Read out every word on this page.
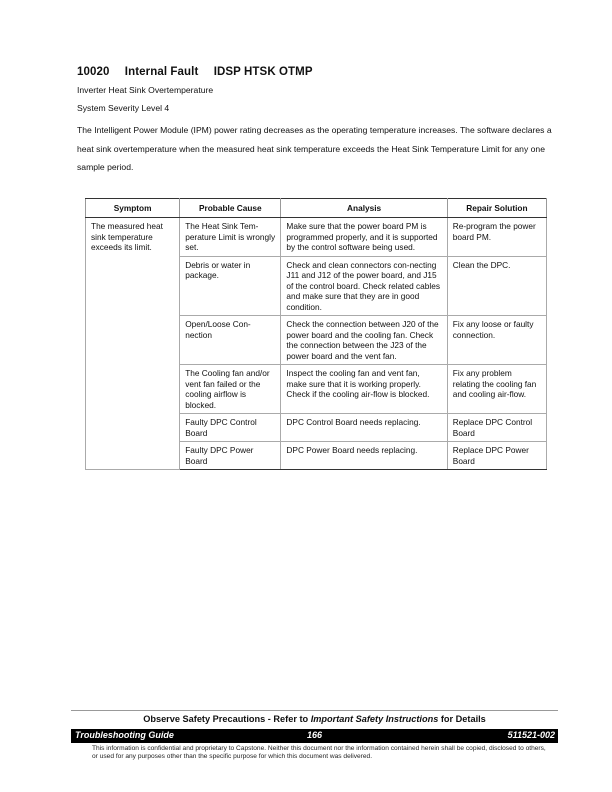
10020 Internal Fault IDSP HTSK OTMP
Inverter Heat Sink Overtemperature
System Severity Level 4
The Intelligent Power Module (IPM) power rating decreases as the operating temperature increases. The software declares a heat sink overtemperature when the measured heat sink temperature exceeds the Heat Sink Temperature Limit for any one sample period.
Symptom	Probable Cause	Analysis	Repair Solution
The measured heat sink temperature exceeds its limit.	The Heat Sink Tem-perature Limit is wrongly set.	Make sure that the power board PM is programmed properly, and it is supported by the control software being used.	Re-program the power board PM.
	Debris or water in package.	Check and clean connectors con-necting J11 and J12 of the power board, and J15 of the control board. Check related cables and make sure that they are in good condition.	Clean the DPC.
	Open/Loose Con-nection	Check the connection between J20 of the power board and the cooling fan. Check the connection between the J23 of the power board and the vent fan.	Fix any loose or faulty connection.
	The Cooling fan and/or vent fan failed or the cooling airflow is blocked.	Inspect the cooling fan and vent fan, make sure that it is working properly. Check if the cooling air-flow is blocked.	Fix any problem relating the cooling fan and cooling air-flow.
	Faulty DPC Control Board	DPC Control Board needs replacing.	Replace DPC Control Board
	Faulty DPC Power Board	DPC Power Board needs replacing.	Replace DPC Power Board
Observe Safety Precautions - Refer to Important Safety Instructions for Details
Troubleshooting Guide	166	511521-002
This information is confidential and proprietary to Capstone. Neither this document nor the information contained herein shall be copied, disclosed to others, or used for any purposes other than the specific purpose for which this document was delivered.
